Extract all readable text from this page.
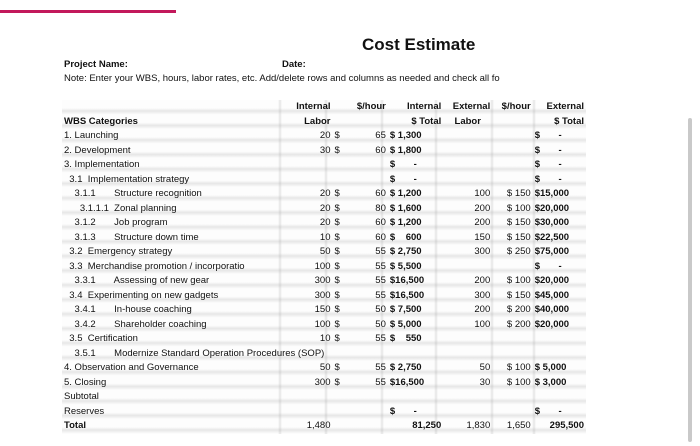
Cost Estimate
Project Name:	Date:
Note: Enter your WBS, hours, labor rates, etc. Add/delete rows and columns as needed and check all fo
	Internal	$/hour	Internal	External	$/hour	External
WBS Categories	Labor		$ Total	Labor		$ Total
1. Launching	20	$ 65	$ 1,300			$       -
2. Development	30	$ 60	$ 1,800			$       -
3. Implementation			$       -			$       -
3.1  Implementation strategy			$       -			$       -
3.1.1       Structure recognition	20	$ 60	$ 1,200	100	$ 150	$15,000
3.1.1.1  Zonal planning	20	$ 80	$ 1,600	200	$ 100	$20,000
3.1.2       Job program	20	$ 60	$ 1,200	200	$ 150	$30,000
3.1.3       Structure down time	10	$ 60	$    600	150	$ 150	$22,500
3.2  Emergency strategy	50	$ 55	$ 2,750	300	$ 250	$75,000
3.3  Merchandise promotion / incorporatio	100	$ 55	$ 5,500			$       -
3.3.1       Assessing of new gear	300	$ 55	$16,500	200	$ 100	$20,000
3.4  Experimenting on new gadgets	300	$ 55	$16,500	300	$ 150	$45,000
3.4.1       In-house coaching	150	$ 50	$ 7,500	200	$ 200	$40,000
3.4.2       Shareholder coaching	100	$ 50	$ 5,000	100	$ 200	$20,000
3.5  Certification	10	$ 55	$    550			
3.5.1       Modernize Standard Operation Procedures (SOP)		

4. Observation and Governance	50	$ 55	$ 2,750	50	$ 100	$ 5,000
5. Closing	300	$ 55	$16,500	30	$ 100	$ 3,000
Subtotal		

Reserves			$       -			$       -
Total	1,480		81,250	1,830	1,650	295,500
